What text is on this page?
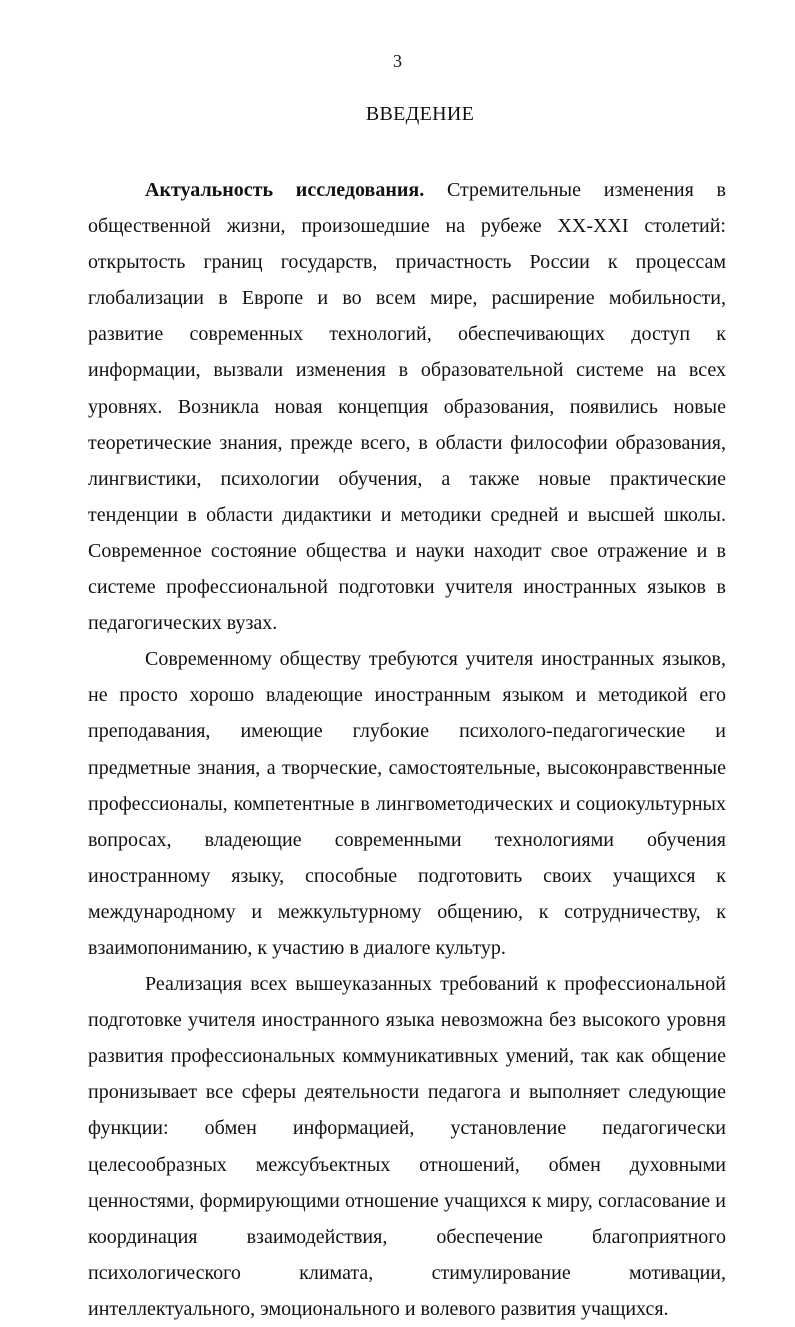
3
ВВЕДЕНИЕ

Актуальность исследования. Стремительные изменения в общественной жизни, произошедшие на рубеже XX-XXI столетий: открытость границ государств, причастность России к процессам глобализации в Европе и во всем мире, расширение мобильности, развитие современных технологий, обеспечивающих доступ к информации, вызвали изменения в образовательной системе на всех уровнях. Возникла новая концепция образования, появились новые теоретические знания, прежде всего, в области философии образования, лингвистики, психологии обучения, а также новые практические тенденции в области дидактики и методики средней и высшей школы. Современное состояние общества и науки находит свое отражение и в системе профессиональной подготовки учителя иностранных языков в педагогических вузах.

Современному обществу требуются учителя иностранных языков, не просто хорошо владеющие иностранным языком и методикой его преподавания, имеющие глубокие психолого-педагогические и предметные знания, а творческие, самостоятельные, высоконравственные профессионалы, компетентные в лингвометодических и социокультурных вопросах, владеющие современными технологиями обучения иностранному языку, способные подготовить своих учащихся к международному и межкультурному общению, к сотрудничеству, к взаимопониманию, к участию в диалоге культур.

Реализация всех вышеуказанных требований к профессиональной подготовке учителя иностранного языка невозможна без высокого уровня развития профессиональных коммуникативных умений, так как общение пронизывает все сферы деятельности педагога и выполняет следующие функции: обмен информацией, установление педагогически целесообразных межсубъектных отношений, обмен духовными ценностями, формирующими отношение учащихся к миру, согласование и координация взаимодействия, обеспечение благоприятного психологического климата, стимулирование мотивации, интеллектуального, эмоционального и волевого развития учащихся.
